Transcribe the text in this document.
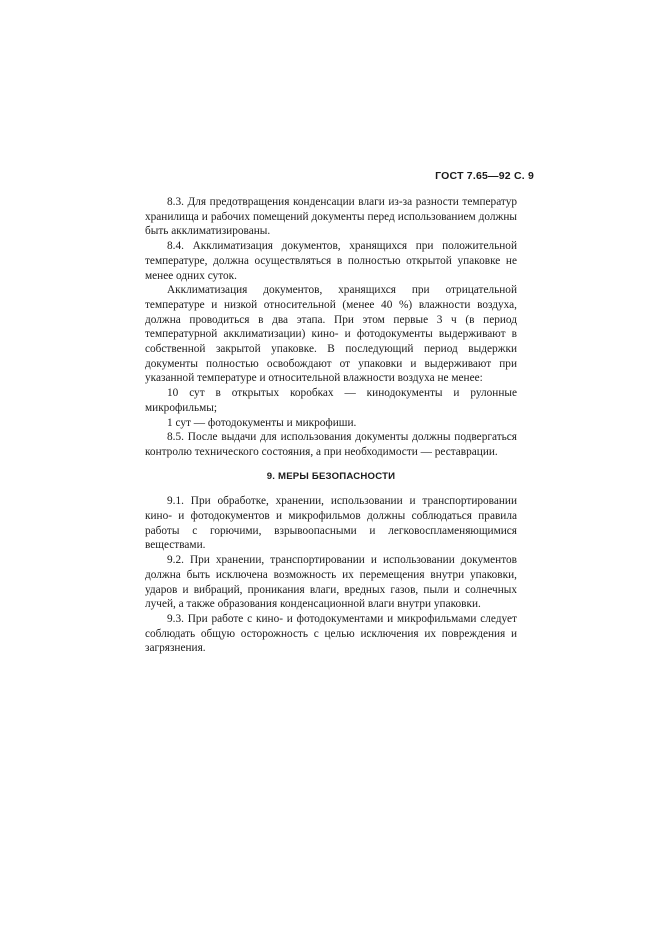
ГОСТ 7.65—92 С. 9

8.3. Для предотвращения конденсации влаги из-за разности температур хранилища и рабочих помещений документы перед использованием должны быть акклиматизированы.

8.4. Акклиматизация документов, хранящихся при положительной температуре, должна осуществляться в полностью открытой упаковке не менее одних суток.

Акклиматизация документов, хранящихся при отрицательной температуре и низкой относительной (менее 40 %) влажности воздуха, должна проводиться в два этапа. При этом первые 3 ч (в период температурной акклиматизации) кино- и фотодокументы выдерживают в собственной закрытой упаковке. В последующий период выдержки документы полностью освобождают от упаковки и выдерживают при указанной температуре и относительной влажности воздуха не менее:

10 сут в открытых коробках — кинодокументы и рулонные микрофильмы;

1 сут — фотодокументы и микрофиши.

8.5. После выдачи для использования документы должны подвергаться контролю технического состояния, а при необходимости — реставрации.

9. МЕРЫ БЕЗОПАСНОСТИ

9.1. При обработке, хранении, использовании и транспортировании кино- и фотодокументов и микрофильмов должны соблюдаться правила работы с горючими, взрывоопасными и легковоспламеняющимися веществами.

9.2. При хранении, транспортировании и использовании документов должна быть исключена возможность их перемещения внутри упаковки, ударов и вибраций, проникания влаги, вредных газов, пыли и солнечных лучей, а также образования конденсационной влаги внутри упаковки.

9.3. При работе с кино- и фотодокументами и микрофильмами следует соблюдать общую осторожность с целью исключения их повреждения и загрязнения.
